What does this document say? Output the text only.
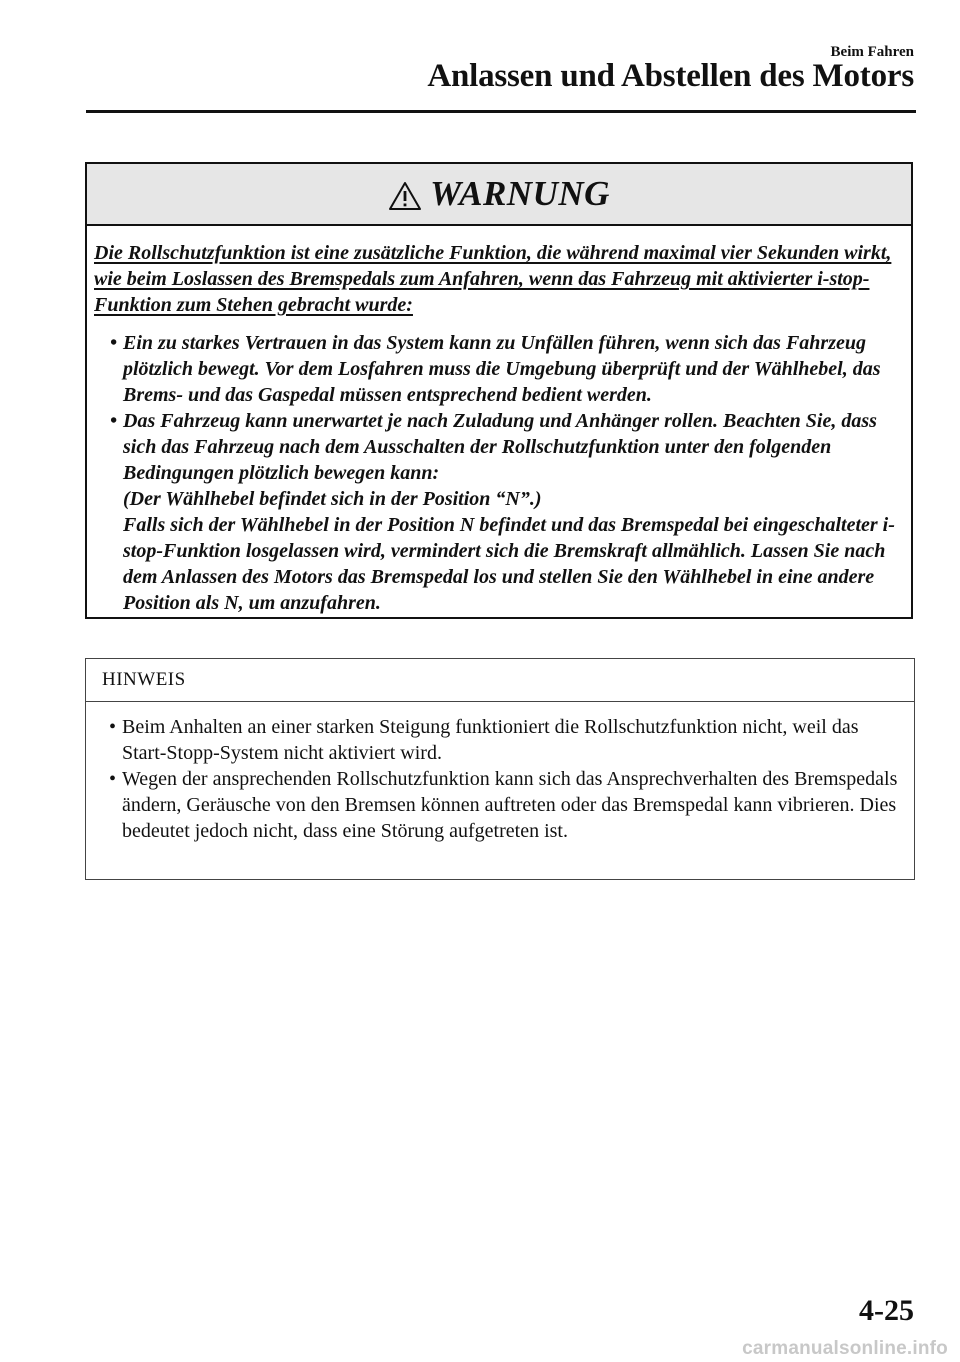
Beim Fahren
Anlassen und Abstellen des Motors
WARNUNG

Die Rollschutzfunktion ist eine zusätzliche Funktion, die während maximal vier Sekunden wirkt, wie beim Loslassen des Bremspedals zum Anfahren, wenn das Fahrzeug mit aktivierter i-stop-Funktion zum Stehen gebracht wurde:

• Ein zu starkes Vertrauen in das System kann zu Unfällen führen, wenn sich das Fahrzeug plötzlich bewegt. Vor dem Losfahren muss die Umgebung überprüft und der Wählhebel, das Brems- und das Gaspedal müssen entsprechend bedient werden.
• Das Fahrzeug kann unerwartet je nach Zuladung und Anhänger rollen. Beachten Sie, dass sich das Fahrzeug nach dem Ausschalten der Rollschutzfunktion unter den folgenden Bedingungen plötzlich bewegen kann:
(Der Wählhebel befindet sich in der Position “N”.)
Falls sich der Wählhebel in der Position N befindet und das Bremspedal bei eingeschalteter i-stop-Funktion losgelassen wird, vermindert sich die Bremskraft allmählich. Lassen Sie nach dem Anlassen des Motors das Bremspedal los und stellen Sie den Wählhebel in eine andere Position als N, um anzufahren.
HINWEIS
• Beim Anhalten an einer starken Steigung funktioniert die Rollschutzfunktion nicht, weil das Start-Stopp-System nicht aktiviert wird.
• Wegen der ansprechenden Rollschutzfunktion kann sich das Ansprechverhalten des Bremspedals ändern, Geräusche von den Bremsen können auftreten oder das Bremspedal kann vibrieren. Dies bedeutet jedoch nicht, dass eine Störung aufgetreten ist.
4-25
carmanualsonline.info
